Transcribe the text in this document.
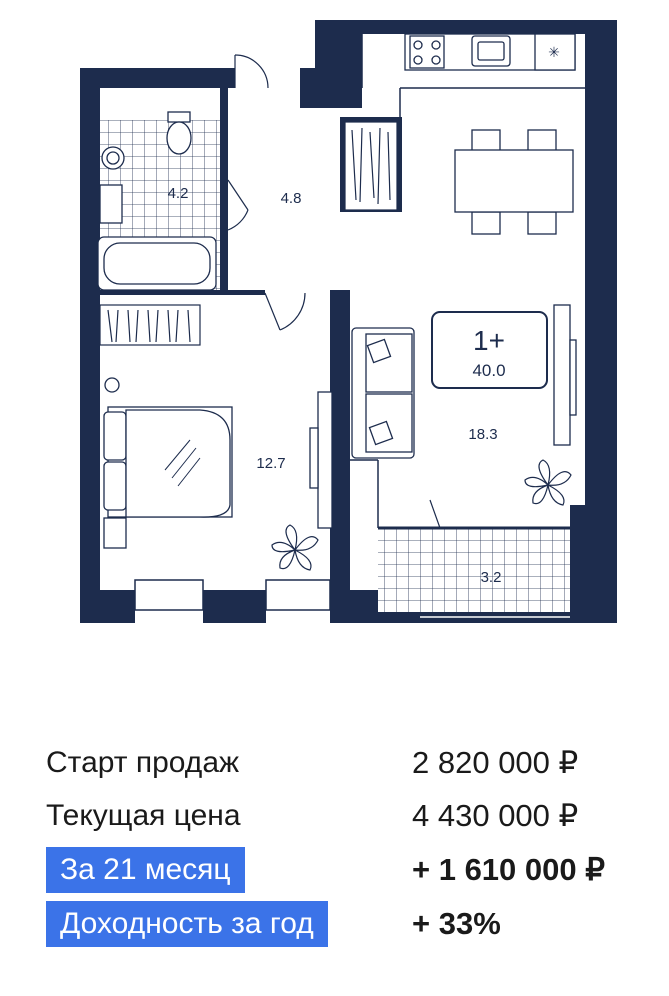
✳
4.2	4.8
12.7
18.3
3.2
1+
40.0
Старт продаж	2 820 000 ₽
Текущая цена	4 430 000 ₽
За 21 месяц	+ 1 610 000 ₽
Доходность за год	+ 33%
